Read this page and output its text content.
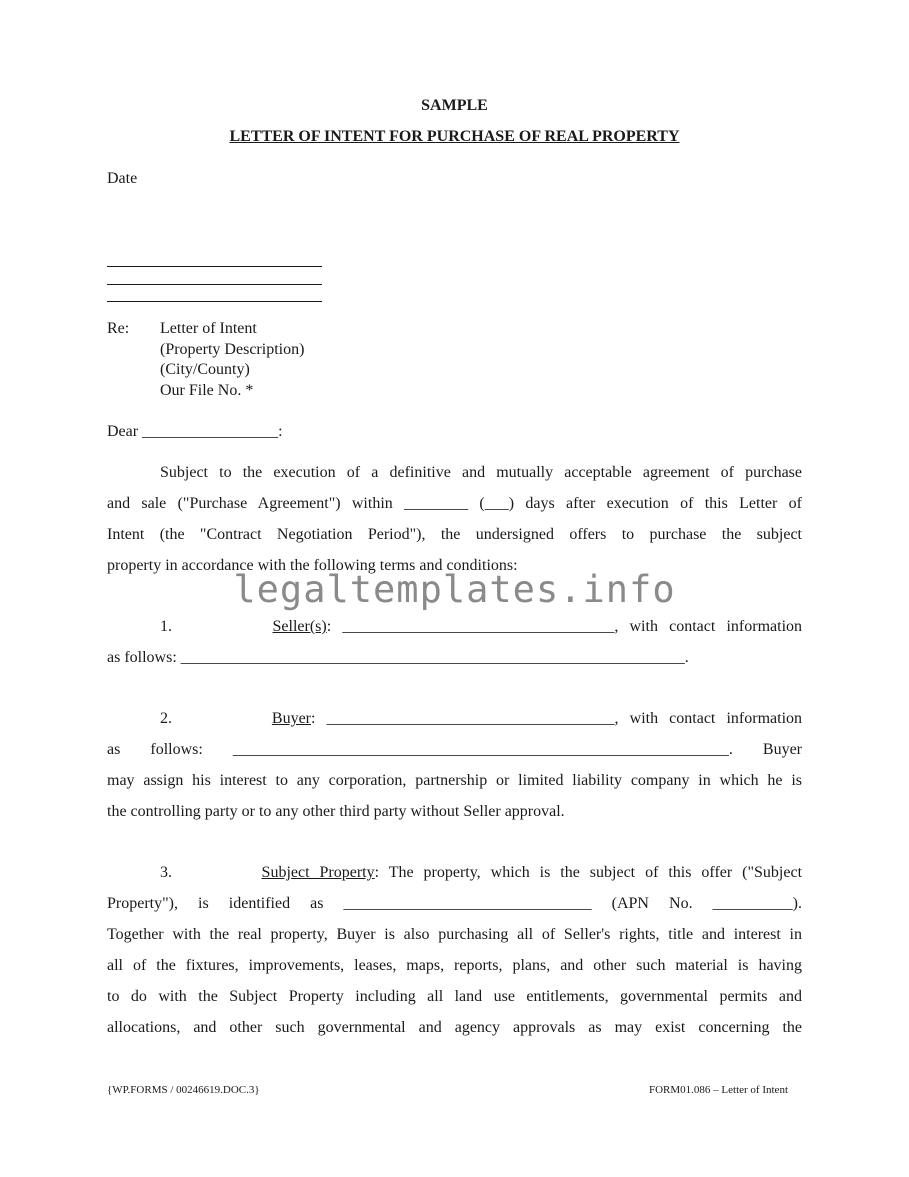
SAMPLE
LETTER OF INTENT FOR PURCHASE OF REAL PROPERTY
Date
Re: Letter of Intent
(Property Description)
(City/County)
Our File No. *
Dear _________________:
Subject to the execution of a definitive and mutually acceptable agreement of purchase
and sale ("Purchase Agreement") within ________ (___) days after execution of this Letter of
Intent (the "Contract Negotiation Period"), the undersigned offers to purchase the subject
property in accordance with the following terms and conditions:
legaltemplates.info
1.	Seller(s): __________________________________, with contact information
as follows: _______________________________________________________________.
2.	Buyer: ____________________________________, with contact information
as follows: ______________________________________________________________. Buyer
may assign his interest to any corporation, partnership or limited liability company in which he is
the controlling party or to any other third party without Seller approval.
3.	Subject Property: The property, which is the subject of this offer ("Subject
Property"), is identified as _______________________________ (APN No. __________).
Together with the real property, Buyer is also purchasing all of Seller's rights, title and interest in
all of the fixtures, improvements, leases, maps, reports, plans, and other such material is having
to do with the Subject Property including all land use entitlements, governmental permits and
allocations, and other such governmental and agency approvals as may exist concerning the
{WP.FORMS / 00246619.DOC.3}	FORM01.086 – Letter of Intent
